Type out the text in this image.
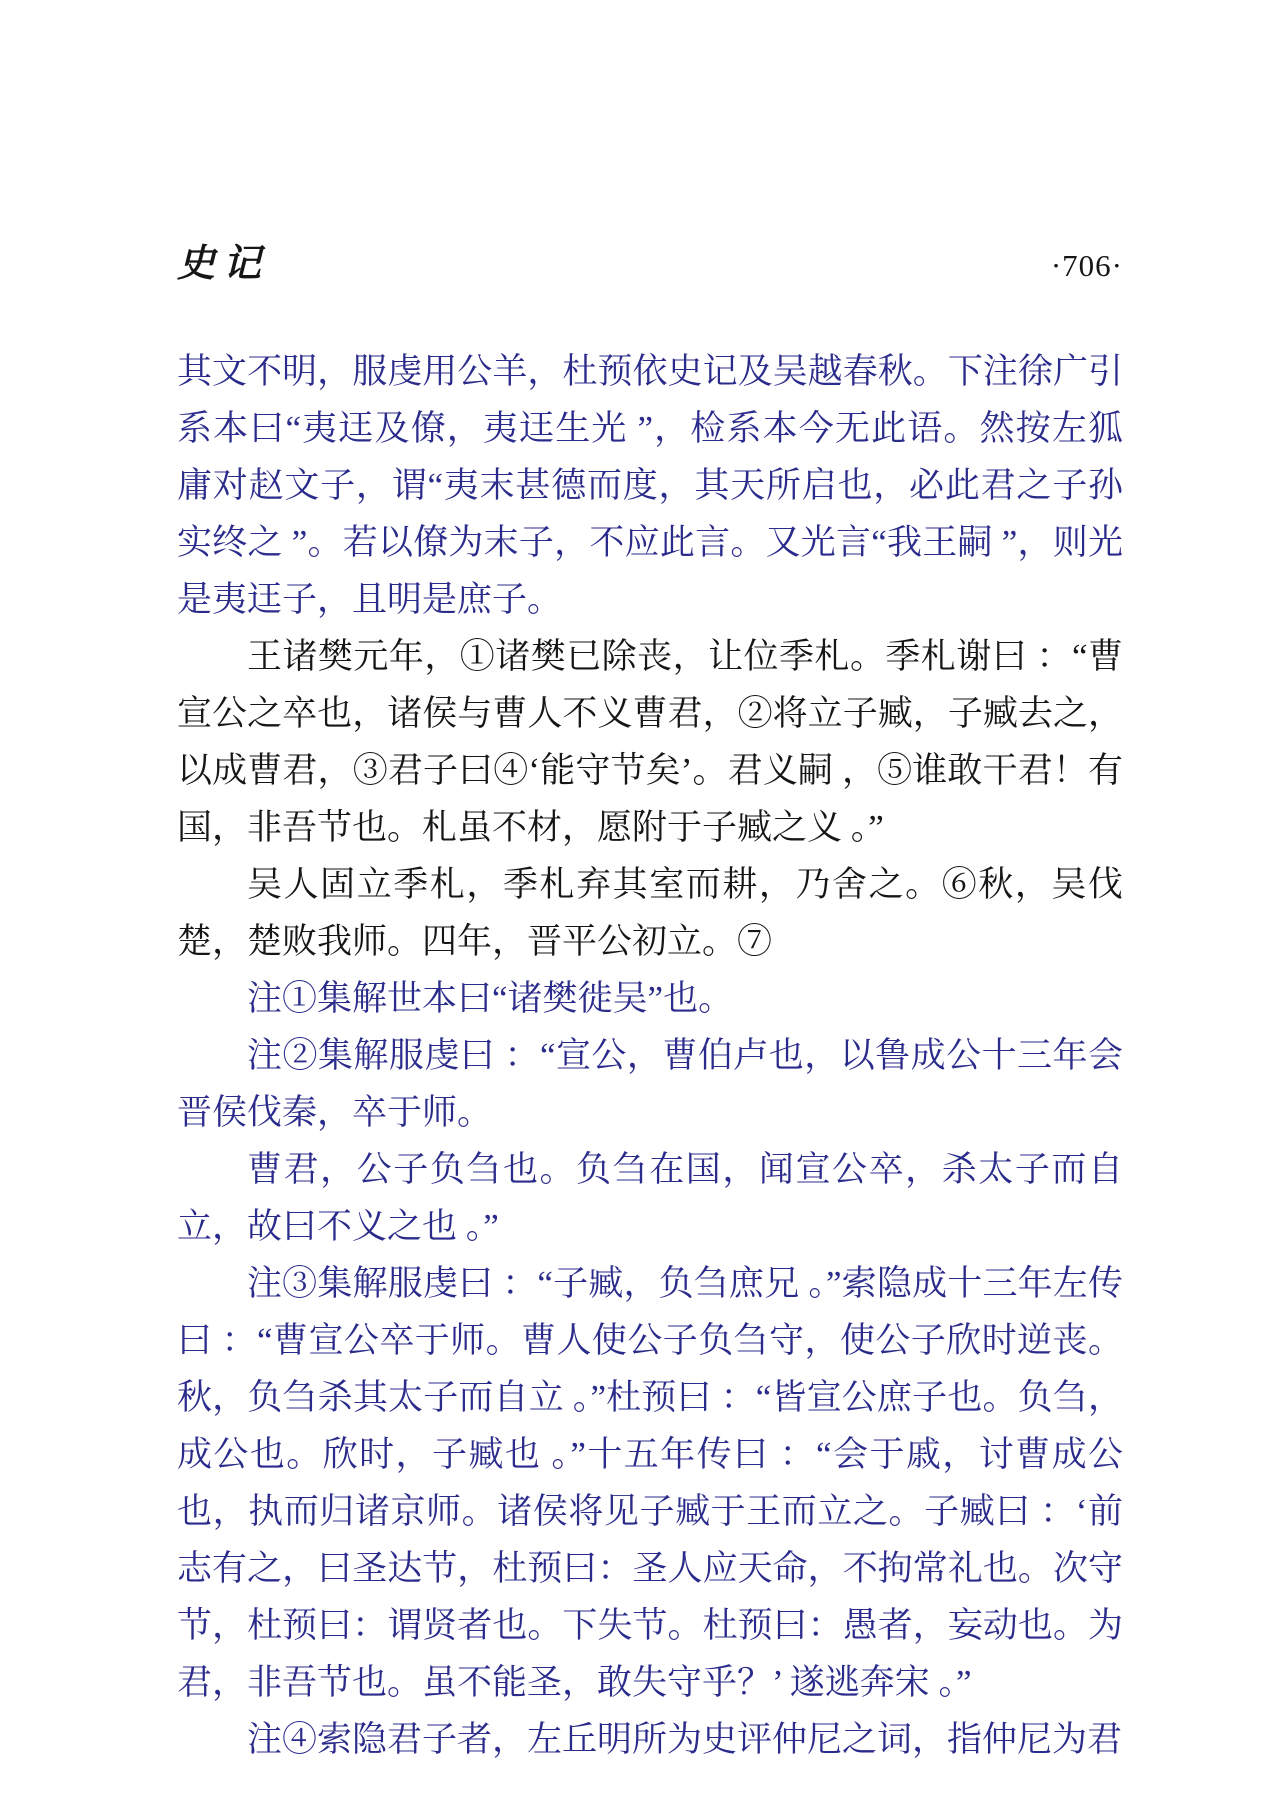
史记	·706·

其文不明，服虔用公羊，杜预依史记及吴越春秋。下注徐广引系本曰“夷迋及僚，夷迋生光 ”，检系本今无此语。然按左狐庸对赵文子，谓“夷末甚德而度，其天所启也，必此君之子孙实终之 ”。若以僚为末子，不应此言。又光言“我王嗣 ”，则光是夷迋子，且明是庶子。

王诸樊元年，①诸樊已除丧，让位季札。季札谢曰 ：“曹宣公之卒也，诸侯与曹人不义曹君，②将立子臧，子臧去之，以成曹君，③君子曰④‘能守节矣’。君义嗣 ，⑤谁敢干君！有国，非吾节也。札虽不材，愿附于子臧之义 。”

吴人固立季札，季札弃其室而耕，乃舍之。⑥秋，吴伐楚，楚败我师。四年，晋平公初立。⑦

注①集解世本曰“诸樊徙吴”也。

注②集解服虔曰 ：“宣公，曹伯卢也，以鲁成公十三年会晋侯伐秦，卒于师。

曹君，公子负刍也。负刍在国，闻宣公卒，杀太子而自立，故曰不义之也 。”

注③集解服虔曰 ：“子臧，负刍庶兄 。”索隐成十三年左传曰 ：“曹宣公卒于师。曹人使公子负刍守，使公子欣时逆丧。秋，负刍杀其太子而自立 。”杜预曰 ：“皆宣公庶子也。负刍，成公也。欣时，子臧也 。”十五年传曰 ：“会于戚，讨曹成公也，执而归诸京师。诸侯将见子臧于王而立之。子臧曰 ：‘前志有之，曰圣达节，杜预曰：圣人应天命，不拘常礼也。次守节，杜预曰：谓贤者也。下失节。杜预曰：愚者，妄动也。为君，非吾节也。虽不能圣，敢失守乎？’ 遂逃奔宋 。”

注④索隐君子者，左丘明所为史评仲尼之词，指仲尼为君
